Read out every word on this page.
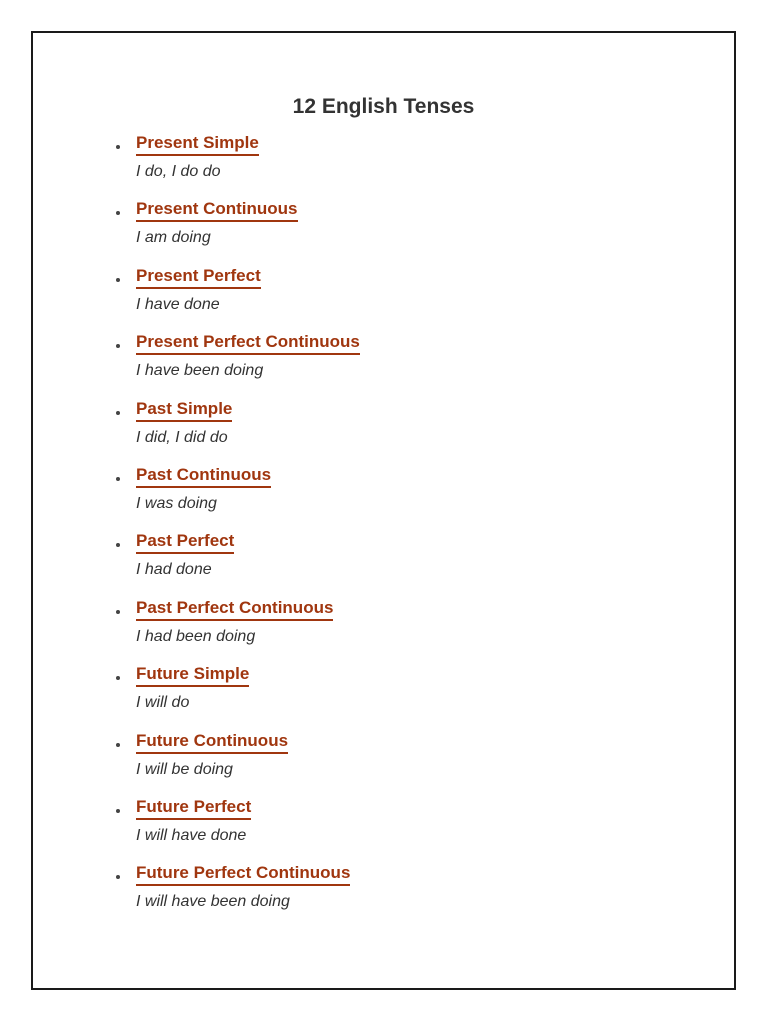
12 English Tenses
Present Simple
I do, I do do
Present Continuous
I am doing
Present Perfect
I have done
Present Perfect Continuous
I have been doing
Past Simple
I did, I did do
Past Continuous
I was doing
Past Perfect
I had done
Past Perfect Continuous
I had been doing
Future Simple
I will do
Future Continuous
I will be doing
Future Perfect
I will have done
Future Perfect Continuous
I will have been doing
